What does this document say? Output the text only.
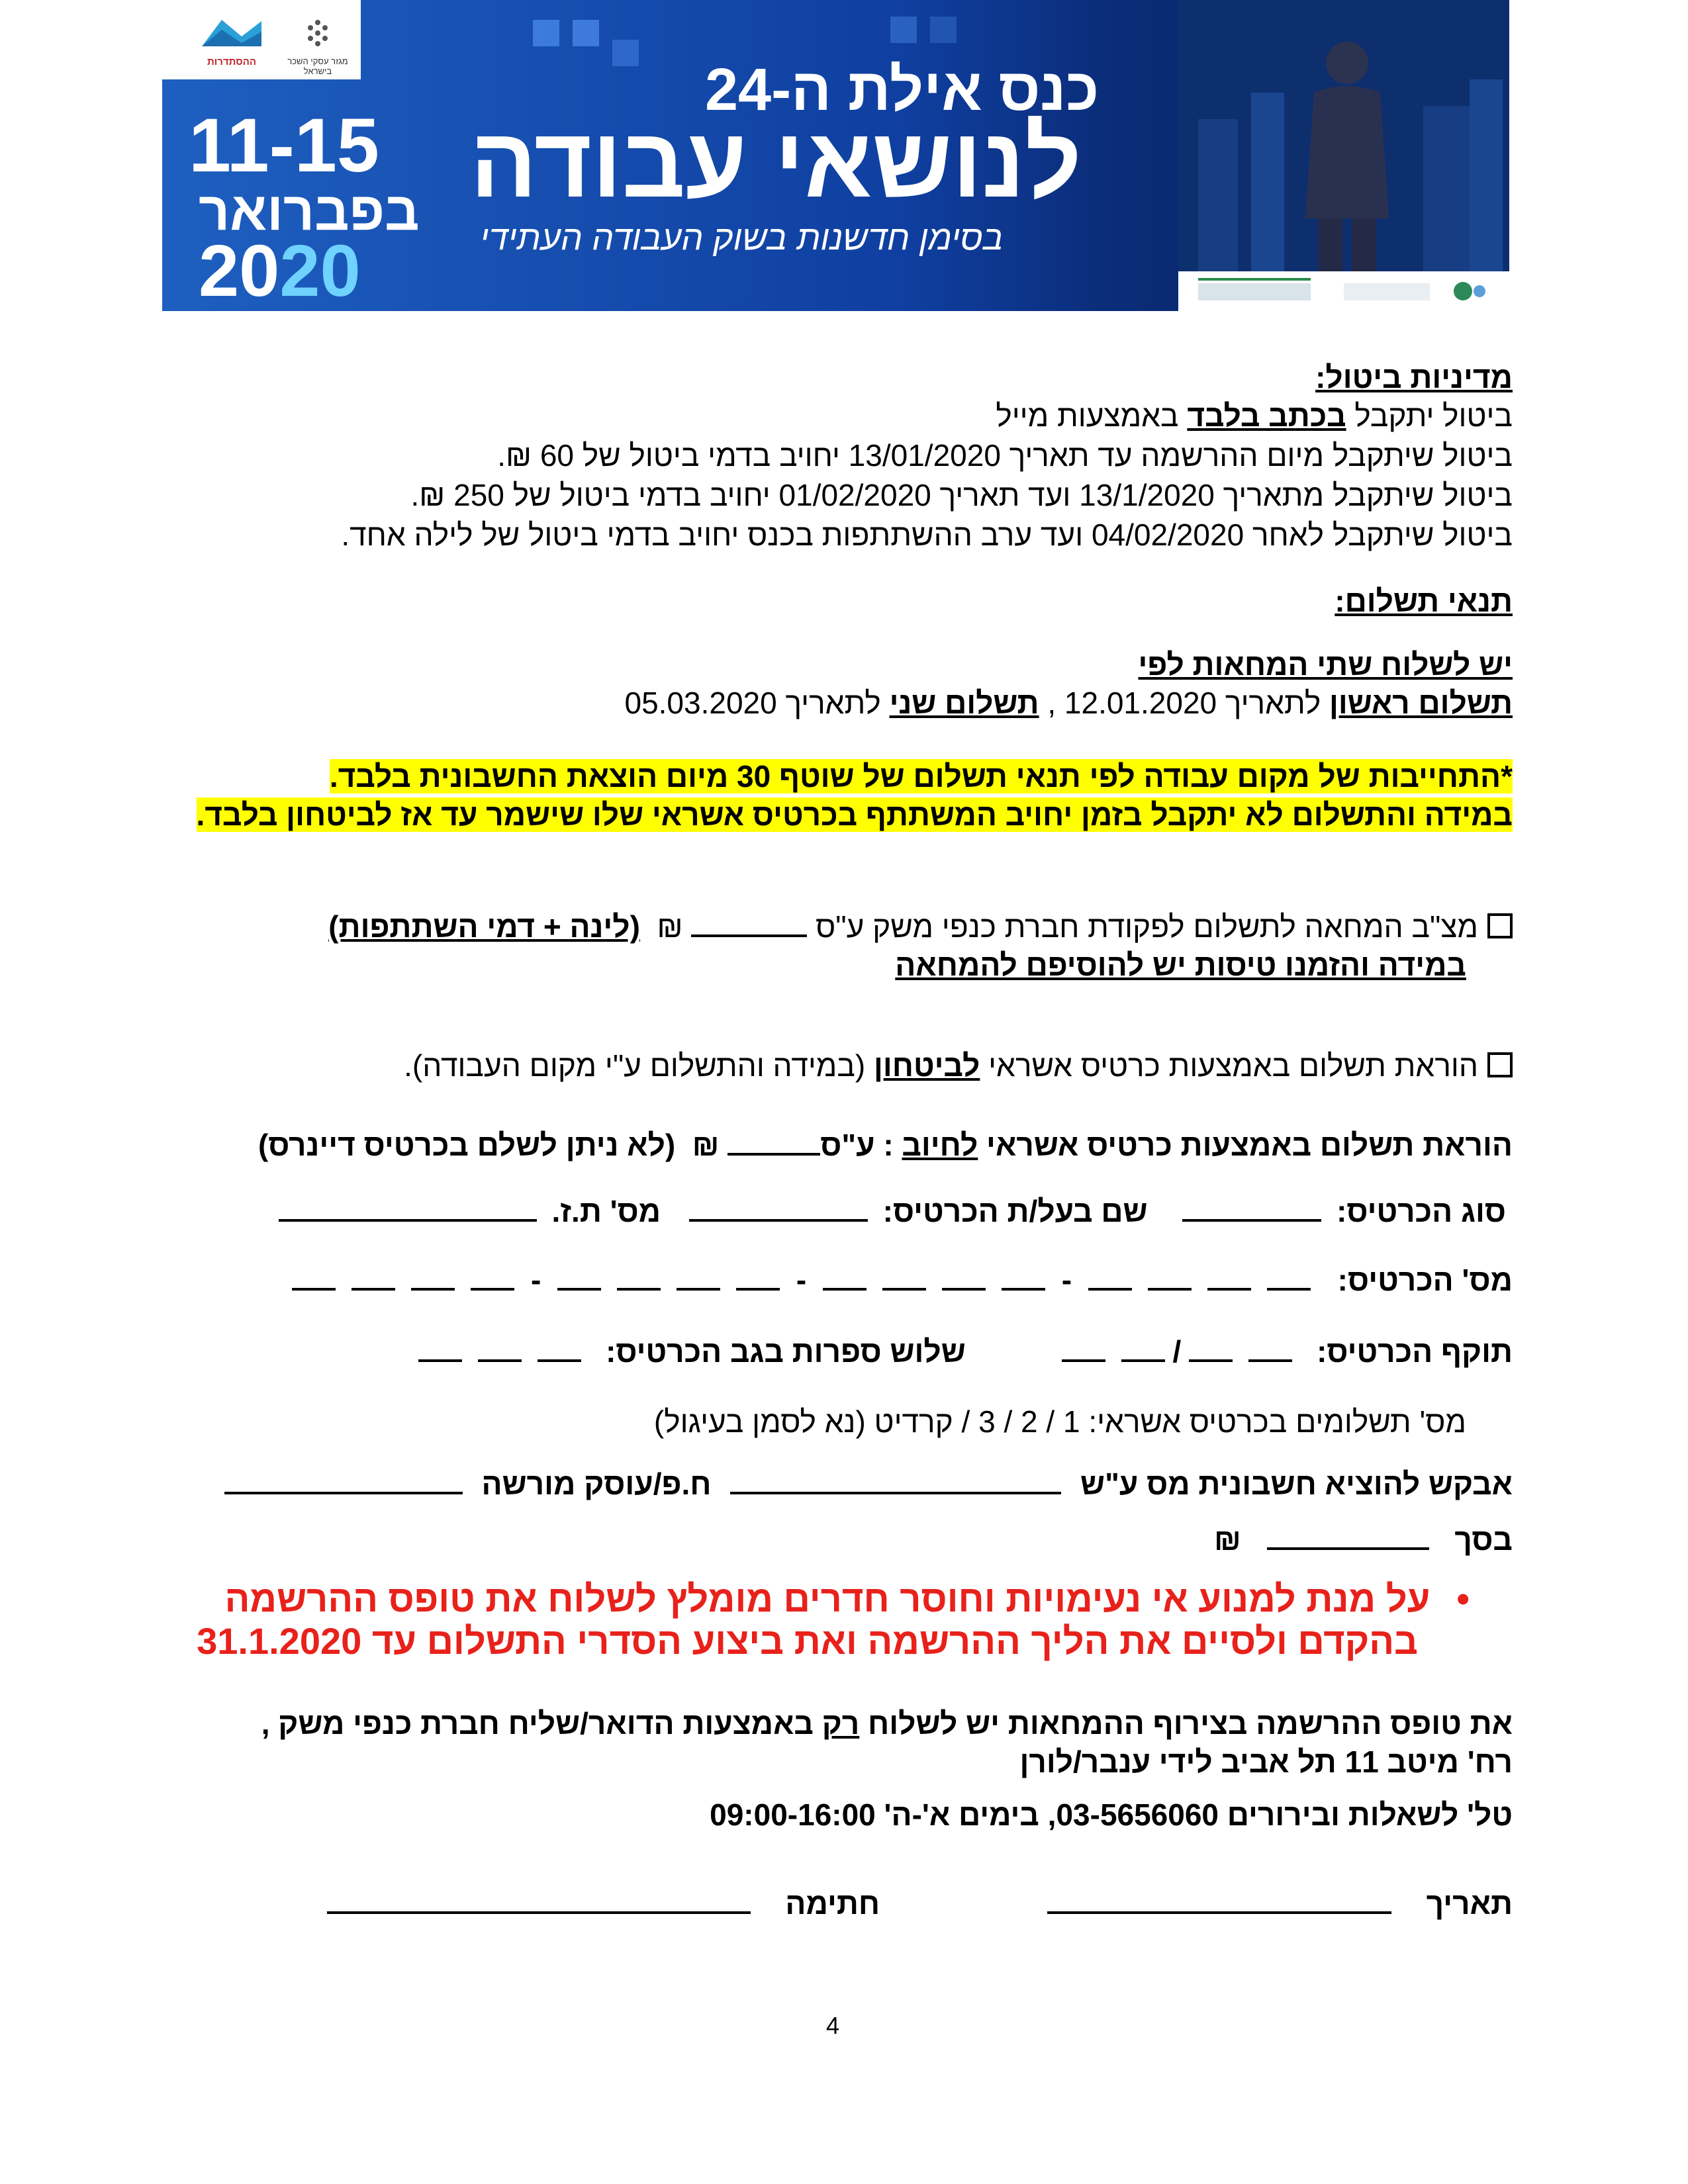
ההסתדרות	מגזר עסקי השכר בישראל	כנס אילת ה-24
לנושאי עבודה
בסימן חדשנות בשוק העבודה העתידי
11-15
בפברואר
2020
מדיניות ביטול:
ביטול יתקבל בכתב בלבד באמצעות מייל
ביטול שיתקבל מיום ההרשמה עד תאריך 13/01/2020 יחויב בדמי ביטול של 60 ₪.
ביטול שיתקבל מתאריך 13/1/2020 ועד תאריך 01/02/2020 יחויב בדמי ביטול של 250 ₪.
ביטול שיתקבל לאחר 04/02/2020 ועד ערב ההשתתפות בכנס יחויב בדמי ביטול של לילה אחד.
תנאי תשלום:
יש לשלוח שתי המחאות לפי
תשלום ראשון לתאריך 12.01.2020 , תשלום שני לתאריך 05.03.2020
*התחייבות של מקום עבודה לפי תנאי תשלום של שוטף 30 מיום הוצאת החשבונית בלבד.
במידה והתשלום לא יתקבל בזמן יחויב המשתתף בכרטיס אשראי שלו שישמר עד אז לביטחון בלבד.
מצ"ב המחאה לתשלום לפקודת חברת כנפי משק ע"ס  ₪  (לינה + דמי השתתפות)
במידה והזמנו טיסות יש להוסיפם להמחאה
הוראת תשלום באמצעות כרטיס אשראי לביטחון (במידה והתשלום ע"י מקום העבודה).
הוראת תשלום באמצעות כרטיס אשראי לחיוב : ע"ס ₪  (לא ניתן לשלם בכרטיס דיינרס)
סוג הכרטיס:  שם בעל/ת הכרטיס:  מס' ת.ז.
מס' הכרטיס:  -  -  -
תוקף הכרטיס: / שלוש ספרות בגב הכרטיס:
מס' תשלומים בכרטיס אשראי: 1 / 2 / 3 / קרדיט (נא לסמן בעיגול)
אבקש להוציא חשבונית מס ע"ש  ח.פ/עוסק מורשה
בסך  ₪
•על מנת למנוע אי נעימויות וחוסר חדרים מומלץ לשלוח את טופס ההרשמה
בהקדם ולסיים את הליך ההרשמה ואת ביצוע הסדרי התשלום עד 31.1.2020
את טופס ההרשמה בצירוף ההמחאות יש לשלוח רק באמצעות הדואר/שליח חברת כנפי משק ,
רח' מיטב 11 תל אביב לידי ענבר/לורן
טל' לשאלות ובירורים 03-5656060, בימים א'-ה' 09:00-16:00
תאריך  חתימה
4
